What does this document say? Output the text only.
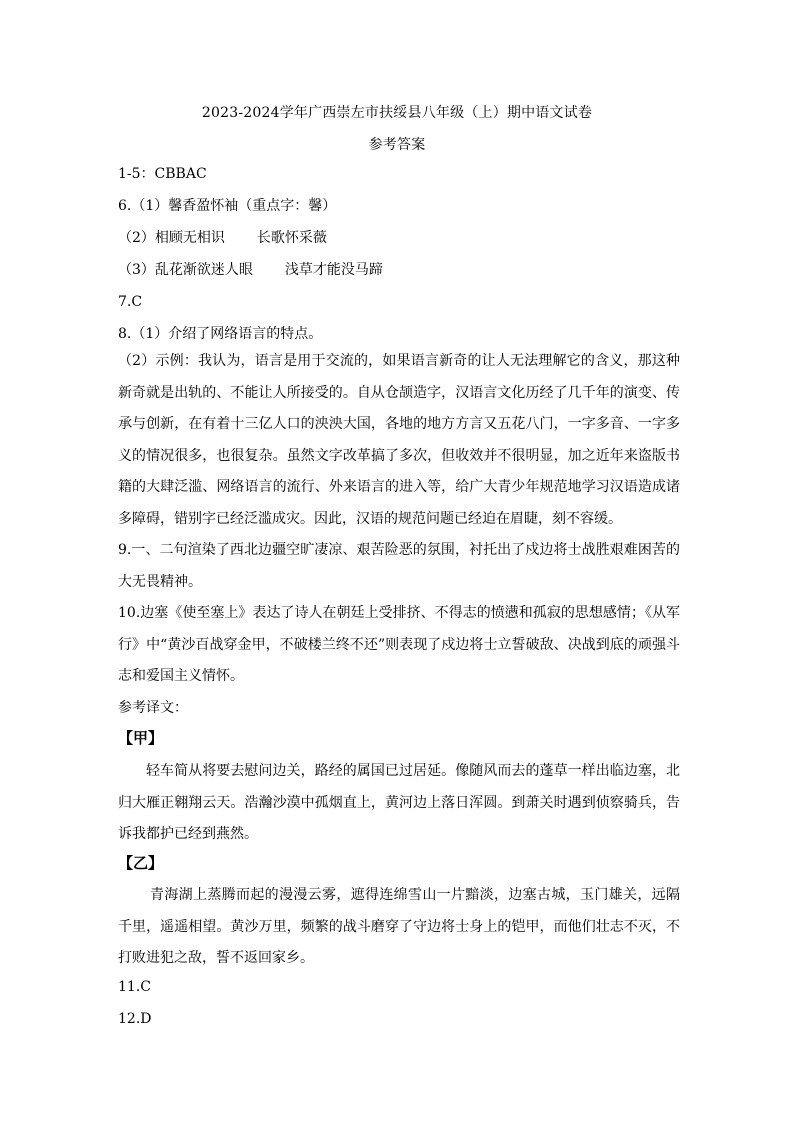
2023-2024学年广西崇左市扶绥县八年级（上）期中语文试卷
参考答案
1-5：CBBAC
6.（1）馨香盈怀袖（重点字：馨）
（2）相顾无相识 长歌怀采薇
（3）乱花渐欲迷人眼 浅草才能没马蹄
7.C
8.（1）介绍了网络语言的特点。
（2）示例：我认为，语言是用于交流的，如果语言新奇的让人无法理解它的含义，那这种新奇就是出轨的、不能让人所接受的。自从仓颉造字，汉语言文化历经了几千年的演变、传承与创新，在有着十三亿人口的泱泱大国，各地的地方方言又五花八门，一字多音、一字多义的情况很多，也很复杂。虽然文字改革搞了多次，但收效并不很明显，加之近年来盗版书籍的大肆泛滥、网络语言的流行、外来语言的进入等，给广大青少年规范地学习汉语造成诸多障碍，错别字已经泛滥成灾。因此，汉语的规范问题已经迫在眉睫，刻不容缓。
9.一、二句渲染了西北边疆空旷凄凉、艰苦险恶的氛围，衬托出了戍边将士战胜艰难困苦的大无畏精神。
10.边塞《使至塞上》表达了诗人在朝廷上受排挤、不得志的愤懑和孤寂的思想感情；《从军行》中“黄沙百战穿金甲，不破楼兰终不还”则表现了戍边将士立誓破敌、决战到底的顽强斗志和爱国主义情怀。
参考译文：
【甲】
轻车简从将要去慰问边关，路经的属国已过居延。像随风而去的蓬草一样出临边塞，北归大雁正翱翔云天。浩瀚沙漠中孤烟直上，黄河边上落日浑圆。到萧关时遇到侦察骑兵，告诉我都护已经到燕然。
【乙】
青海湖上蒸腾而起的漫漫云雾，遮得连绵雪山一片黯淡，边塞古城，玉门雄关，远隔千里，遥遥相望。黄沙万里，频繁的战斗磨穿了守边将士身上的铠甲，而他们壮志不灭，不打败进犯之敌，誓不返回家乡。
11.C
12.D
